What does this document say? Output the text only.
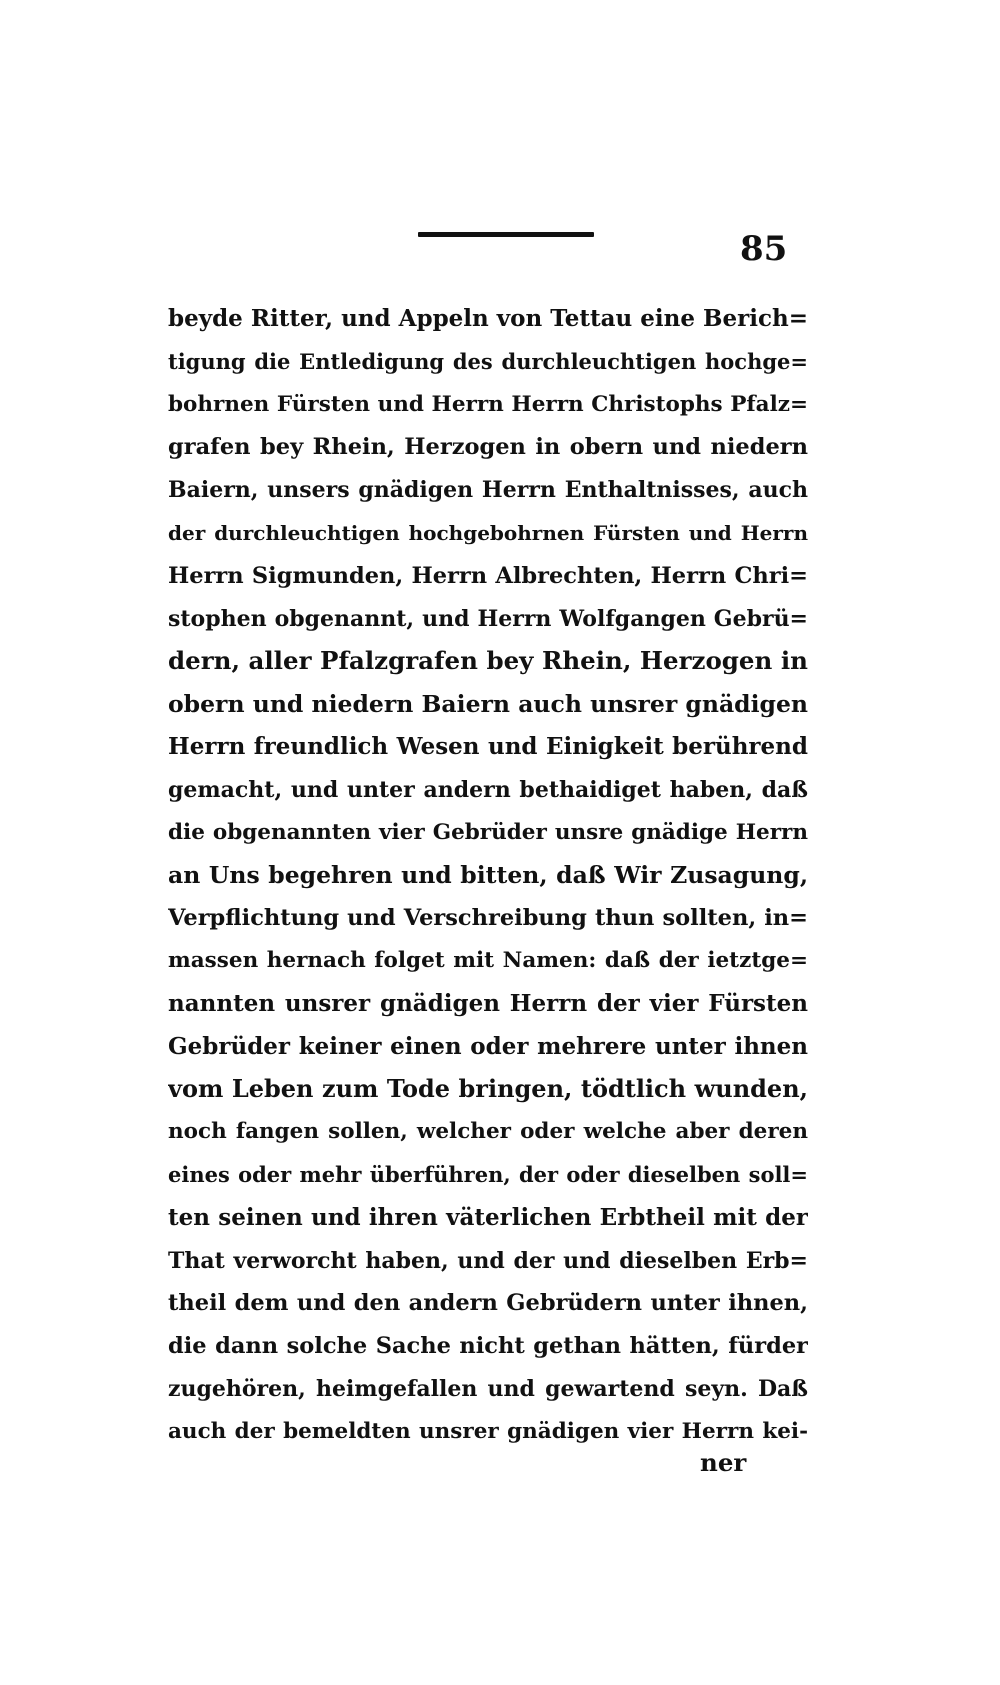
85
beyde Ritter, und Appeln von Tettau eine Berich=
tigung die Entledigung des durchleuchtigen hochge=
bohrnen Fürsten und Herrn Herrn Christophs Pfalz=
grafen bey Rhein, Herzogen in obern und niedern
Baiern, unsers gnädigen Herrn Enthaltnisses, auch
der durchleuchtigen hochgebohrnen Fürsten und Herrn
Herrn Sigmunden, Herrn Albrechten, Herrn Chri=
stophen obgenannt, und Herrn Wolfgangen Gebrü=
dern, aller Pfalzgrafen bey Rhein, Herzogen in
obern und niedern Baiern auch unsrer gnädigen
Herrn freundlich Wesen und Einigkeit berührend
gemacht, und unter andern bethaidiget haben, daß
die obgenannten vier Gebrüder unsre gnädige Herrn
an Uns begehren und bitten, daß Wir Zusagung,
Verpflichtung und Verschreibung thun sollten, in=
massen hernach folget mit Namen: daß der ietztge=
nannten unsrer gnädigen Herrn der vier Fürsten
Gebrüder keiner einen oder mehrere unter ihnen
vom Leben zum Tode bringen, tödtlich wunden,
noch fangen sollen, welcher oder welche aber deren
eines oder mehr überführen, der oder dieselben soll=
ten seinen und ihren väterlichen Erbtheil mit der
That verworcht haben, und der und dieselben Erb=
theil dem und den andern Gebrüdern unter ihnen,
die dann solche Sache nicht gethan hätten, fürder
zugehören, heimgefallen und gewartend seyn. Daß
auch der bemeldten unsrer gnädigen vier Herrn kei-
ner
